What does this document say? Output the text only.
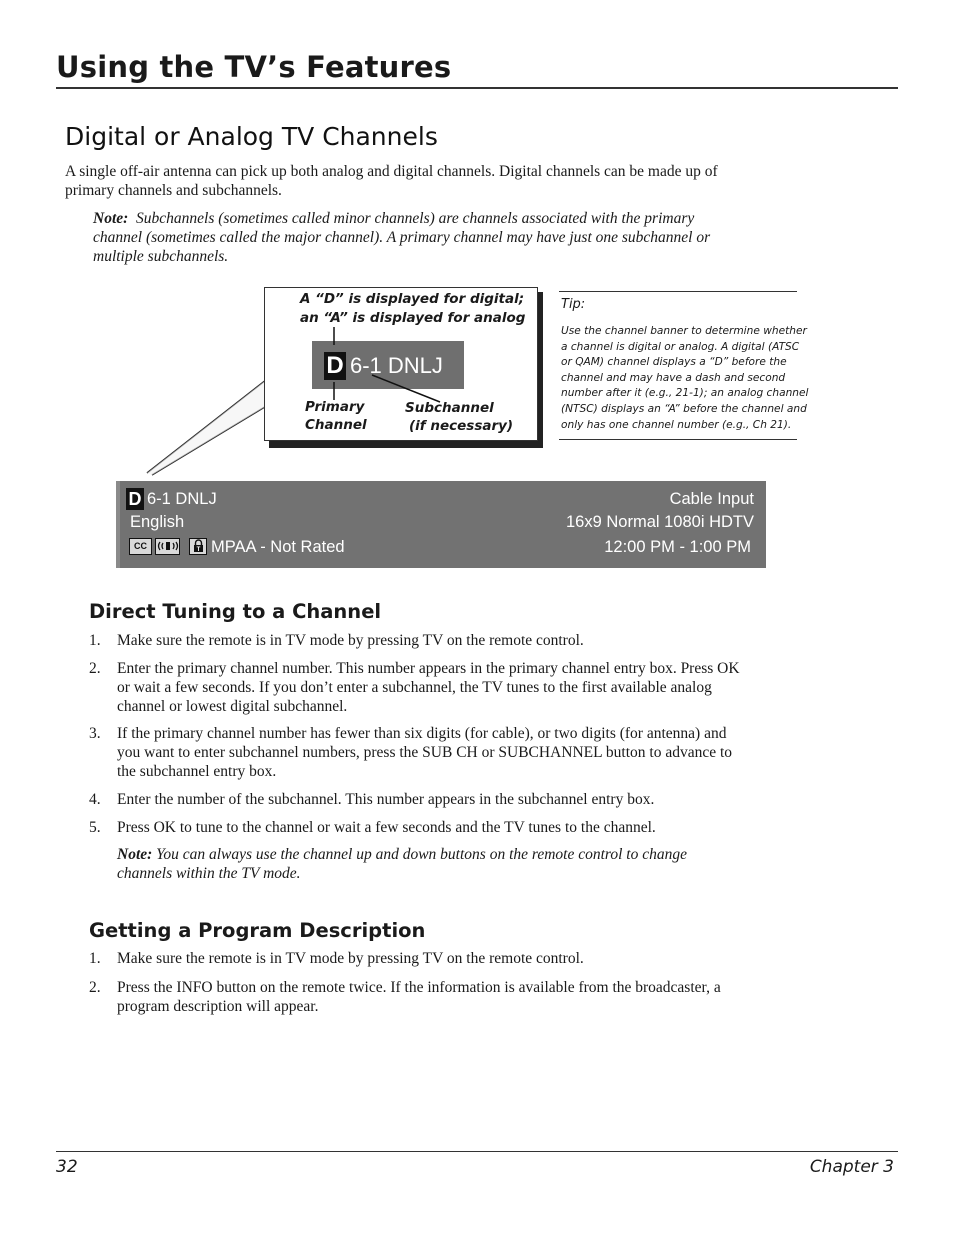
Using the TV’s Features
Digital or Analog TV Channels
A single off-air antenna can pick up both analog and digital channels. Digital channels can be made up of primary channels and subchannels.
Note: Subchannels (sometimes called minor channels) are channels associated with the primary channel (sometimes called the major channel). A primary channel may have just one subchannel or multiple subchannels.
A “D” is displayed for digital;
an “A” is displayed for analog
D 6-1 DNLJ
Primary
Channel
Subchannel
(if necessary)
Tip:
Use the channel banner to determine whether a channel is digital or analog. A digital (ATSC or QAM) channel displays a “D” before the channel and may have a dash and second number after it (e.g., 21-1); an analog channel (NTSC) displays an “A” before the channel and only has one channel number (e.g., Ch 21).
D 6-1 DNLJ
English
CC	T MPAA - Not Rated
Cable Input
16x9 Normal 1080i HDTV
12:00 PM - 1:00 PM
Direct Tuning to a Channel
1. Make sure the remote is in TV mode by pressing TV on the remote control.
2. Enter the primary channel number. This number appears in the primary channel entry box. Press OK or wait a few seconds. If you don’t enter a subchannel, the TV tunes to the first available analog channel or lowest digital subchannel.
3. If the primary channel number has fewer than six digits (for cable), or two digits (for antenna) and you want to enter subchannel numbers, press the SUB CH or SUBCHANNEL button to advance to the subchannel entry box.
4. Enter the number of the subchannel. This number appears in the subchannel entry box.
5. Press OK to tune to the channel or wait a few seconds and the TV tunes to the channel.
Note: You can always use the channel up and down buttons on the remote control to change channels within the TV mode.
Getting a Program Description
1. Make sure the remote is in TV mode by pressing TV on the remote control.
2. Press the INFO button on the remote twice. If the information is available from the broadcaster, a program description will appear.
32	Chapter 3
